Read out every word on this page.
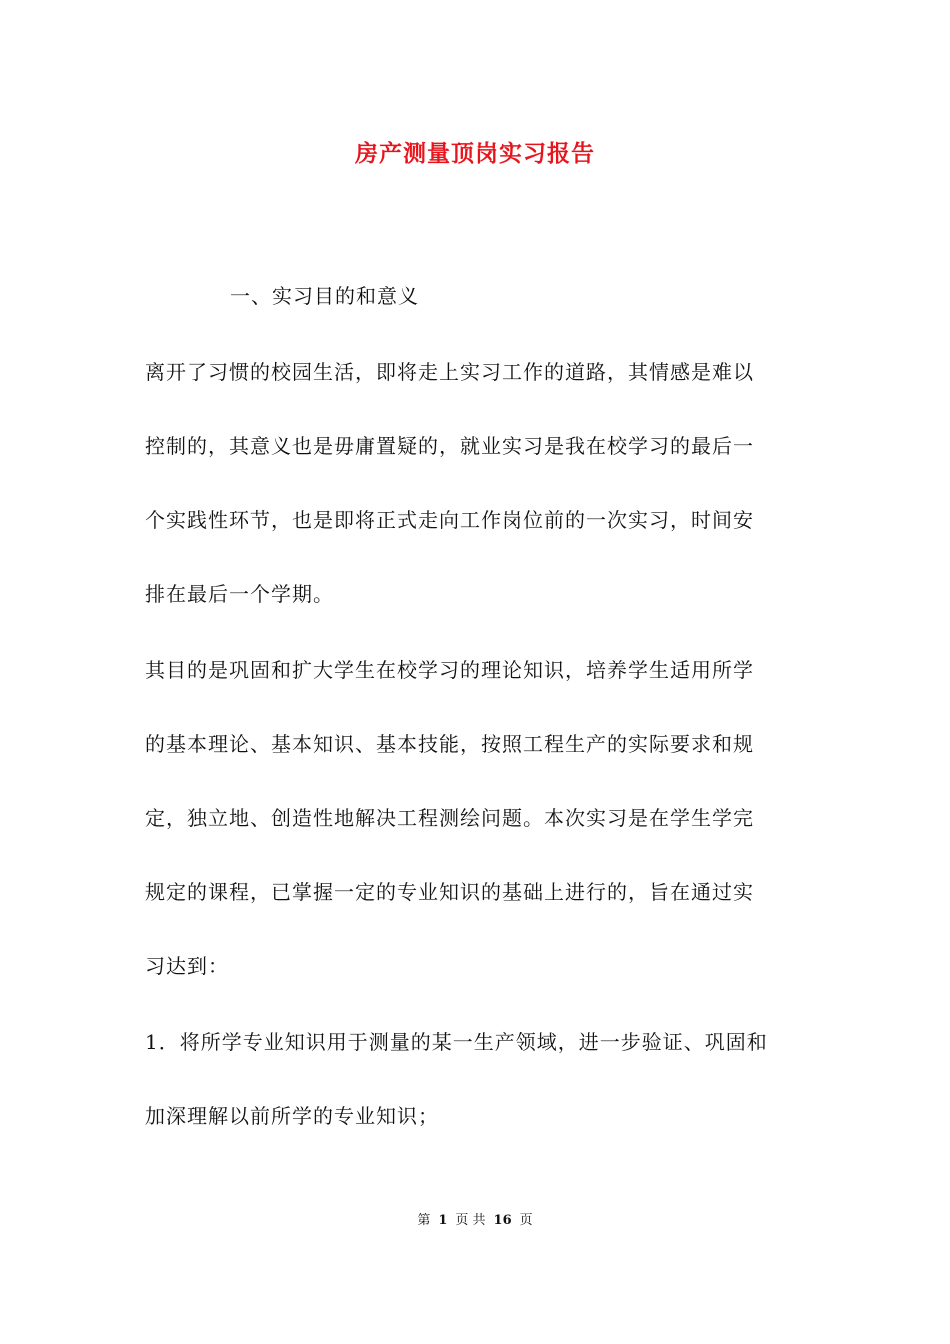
房产测量顶岗实习报告
一、实习目的和意义
离开了习惯的校园生活，即将走上实习工作的道路，其情感是难以
控制的，其意义也是毋庸置疑的，就业实习是我在校学习的最后一
个实践性环节，也是即将正式走向工作岗位前的一次实习，时间安
排在最后一个学期。
其目的是巩固和扩大学生在校学习的理论知识，培养学生适用所学
的基本理论、基本知识、基本技能，按照工程生产的实际要求和规
定，独立地、创造性地解决工程测绘问题。本次实习是在学生学完
规定的课程，已掌握一定的专业知识的基础上进行的，旨在通过实
习达到：
1．将所学专业知识用于测量的某一生产领域，进一步验证、巩固和
加深理解以前所学的专业知识；
第 1 页 共 16 页
